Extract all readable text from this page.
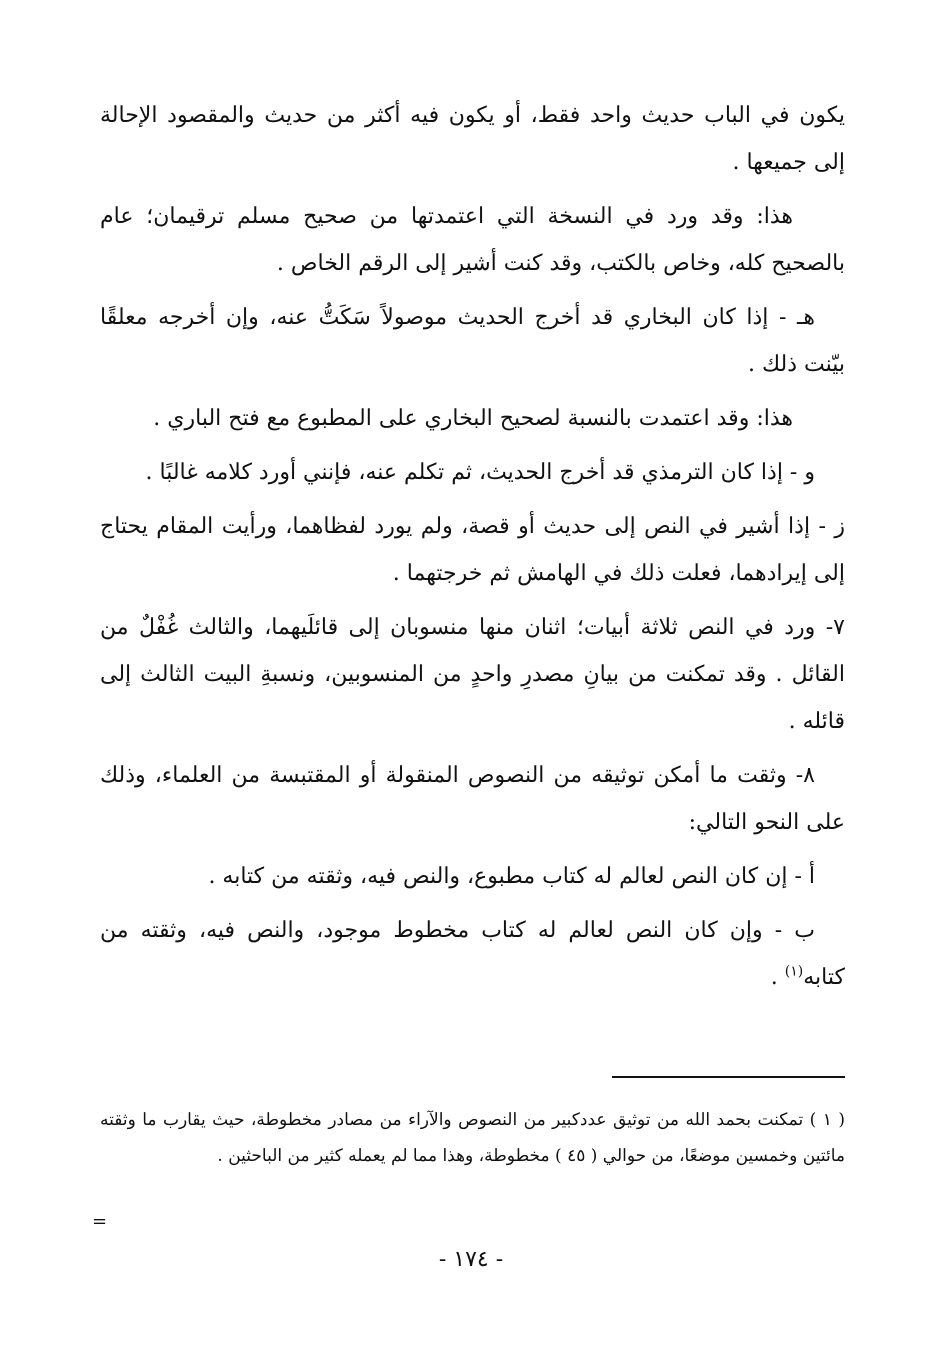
يكون في الباب حديث واحد فقط، أو يكون فيه أكثر من حديث والمقصود الإحالة إلى جميعها .

هذا: وقد ورد في النسخة التي اعتمدتها من صحيح مسلم ترقيمان؛ عام بالصحيح كله، وخاص بالكتب، وقد كنت أشير إلى الرقم الخاص .

هـ - إذا كان البخاري قد أخرج الحديث موصولاً سَكَتُّ عنه، وإن أخرجه معلقًا بيّنت ذلك .

هذا: وقد اعتمدت بالنسبة لصحيح البخاري على المطبوع مع فتح الباري .

و - إذا كان الترمذي قد أخرج الحديث، ثم تكلم عنه، فإنني أورد كلامه غالبًا .

ز - إذا أشير في النص إلى حديث أو قصة، ولم يورد لفظاهما، ورأيت المقام يحتاج إلى إيرادهما، فعلت ذلك في الهامش ثم خرجتهما .

٧- ورد في النص ثلاثة أبيات؛ اثنان منها منسوبان إلى قائلَيهما، والثالث غُفْلٌ من القائل . وقد تمكنت من بيانِ مصدرِ واحدٍ من المنسوبين، ونسبةِ البيت الثالث إلى قائله .

٨- وثقت ما أمكن توثيقه من النصوص المنقولة أو المقتبسة من العلماء، وذلك على النحو التالي:

أ - إن كان النص لعالم له كتاب مطبوع، والنص فيه، وثقته من كتابه .

ب - وإن كان النص لعالم له كتاب مخطوط موجود، والنص فيه، وثقته من كتابه$^{(١)}$ .

( ١ ) تمكنت بحمد الله من توثيق عددكبير من النصوص والآراء من مصادر مخطوطة، حيث يقارب ما وثقته مائتين وخمسين موضعًا، من حوالي ( ٤٥ ) مخطوطة، وهذا مما لم يعمله كثير من الباحثين .

=
- ١٧٤ -
